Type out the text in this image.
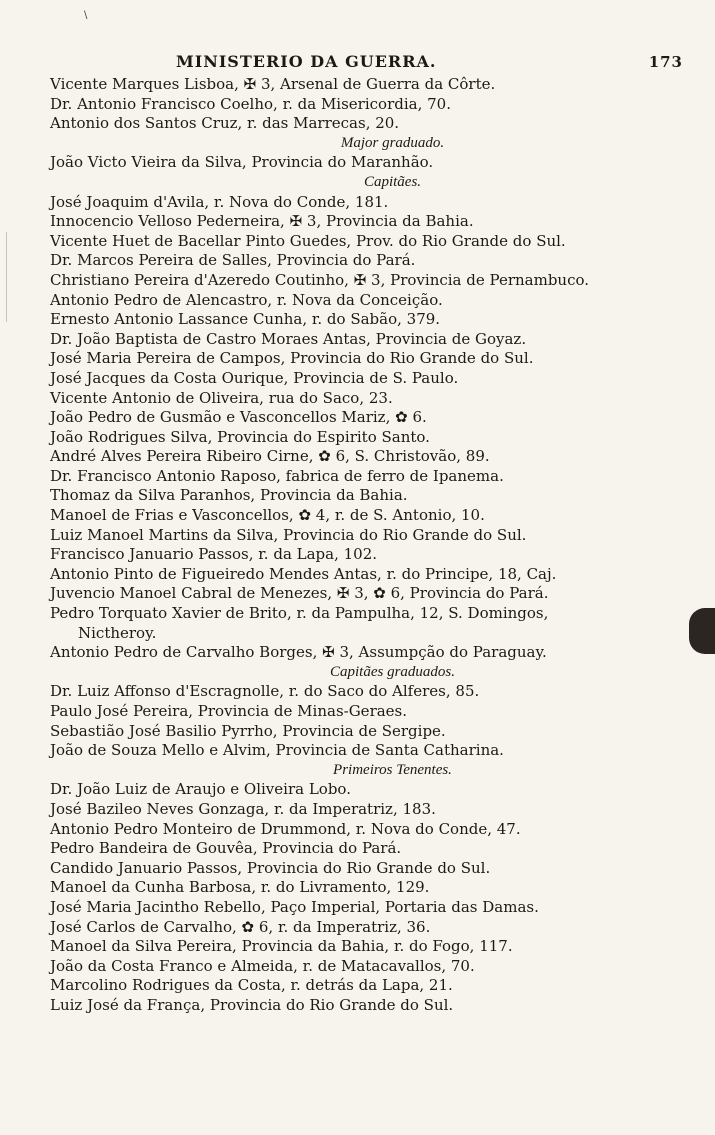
\
MINISTERIO DA GUERRA.	173
Vicente Marques Lisboa, ✠ 3, Arsenal de Guerra da Côrte.
Dr. Antonio Francisco Coelho, r. da Misericordia, 70.
Antonio dos Santos Cruz, r. das Marrecas, 20.
Major graduado.
João Victo Vieira da Silva, Provincia do Maranhão.
Capitães.
José Joaquim d'Avila, r. Nova do Conde, 181.
Innocencio Velloso Pederneira, ✠ 3, Provincia da Bahia.
Vicente Huet de Bacellar Pinto Guedes, Prov. do Rio Grande do Sul.
Dr. Marcos Pereira de Salles, Provincia do Pará.
Christiano Pereira d'Azeredo Coutinho, ✠ 3, Provincia de Pernambuco.
Antonio Pedro de Alencastro, r. Nova da Conceição.
Ernesto Antonio Lassance Cunha, r. do Sabão, 379.
Dr. João Baptista de Castro Moraes Antas, Provincia de Goyaz.
José Maria Pereira de Campos, Provincia do Rio Grande do Sul.
José Jacques da Costa Ourique, Provincia de S. Paulo.
Vicente Antonio de Oliveira, rua do Saco, 23.
João Pedro de Gusmão e Vasconcellos Mariz, ✿ 6.
João Rodrigues Silva, Provincia do Espirito Santo.
André Alves Pereira Ribeiro Cirne, ✿ 6, S. Christovão, 89.
Dr. Francisco Antonio Raposo, fabrica de ferro de Ipanema.
Thomaz da Silva Paranhos, Provincia da Bahia.
Manoel de Frias e Vasconcellos, ✿ 4, r. de S. Antonio, 10.
Luiz Manoel Martins da Silva, Provincia do Rio Grande do Sul.
Francisco Januario Passos, r. da Lapa, 102.
Antonio Pinto de Figueiredo Mendes Antas, r. do Principe, 18, Caj.
Juvencio Manoel Cabral de Menezes, ✠ 3, ✿ 6, Provincia do Pará.
Pedro Torquato Xavier de Brito, r. da Pampulha, 12, S. Domingos,
Nictheroy.
Antonio Pedro de Carvalho Borges, ✠ 3, Assumpção do Paraguay.
Capitães graduados.
Dr. Luiz Affonso d'Escragnolle, r. do Saco do Alferes, 85.
Paulo José Pereira, Provincia de Minas-Geraes.
Sebastião José Basilio Pyrrho, Provincia de Sergipe.
João de Souza Mello e Alvim, Provincia de Santa Catharina.
Primeiros Tenentes.
Dr. João Luiz de Araujo e Oliveira Lobo.
José Bazileo Neves Gonzaga, r. da Imperatriz, 183.
Antonio Pedro Monteiro de Drummond, r. Nova do Conde, 47.
Pedro Bandeira de Gouvêa, Provincia do Pará.
Candido Januario Passos, Provincia do Rio Grande do Sul.
Manoel da Cunha Barbosa, r. do Livramento, 129.
José Maria Jacintho Rebello, Paço Imperial, Portaria das Damas.
José Carlos de Carvalho, ✿ 6, r. da Imperatriz, 36.
Manoel da Silva Pereira, Provincia da Bahia, r. do Fogo, 117.
João da Costa Franco e Almeida, r. de Matacavallos, 70.
Marcolino Rodrigues da Costa, r. detrás da Lapa, 21.
Luiz José da França, Provincia do Rio Grande do Sul.
